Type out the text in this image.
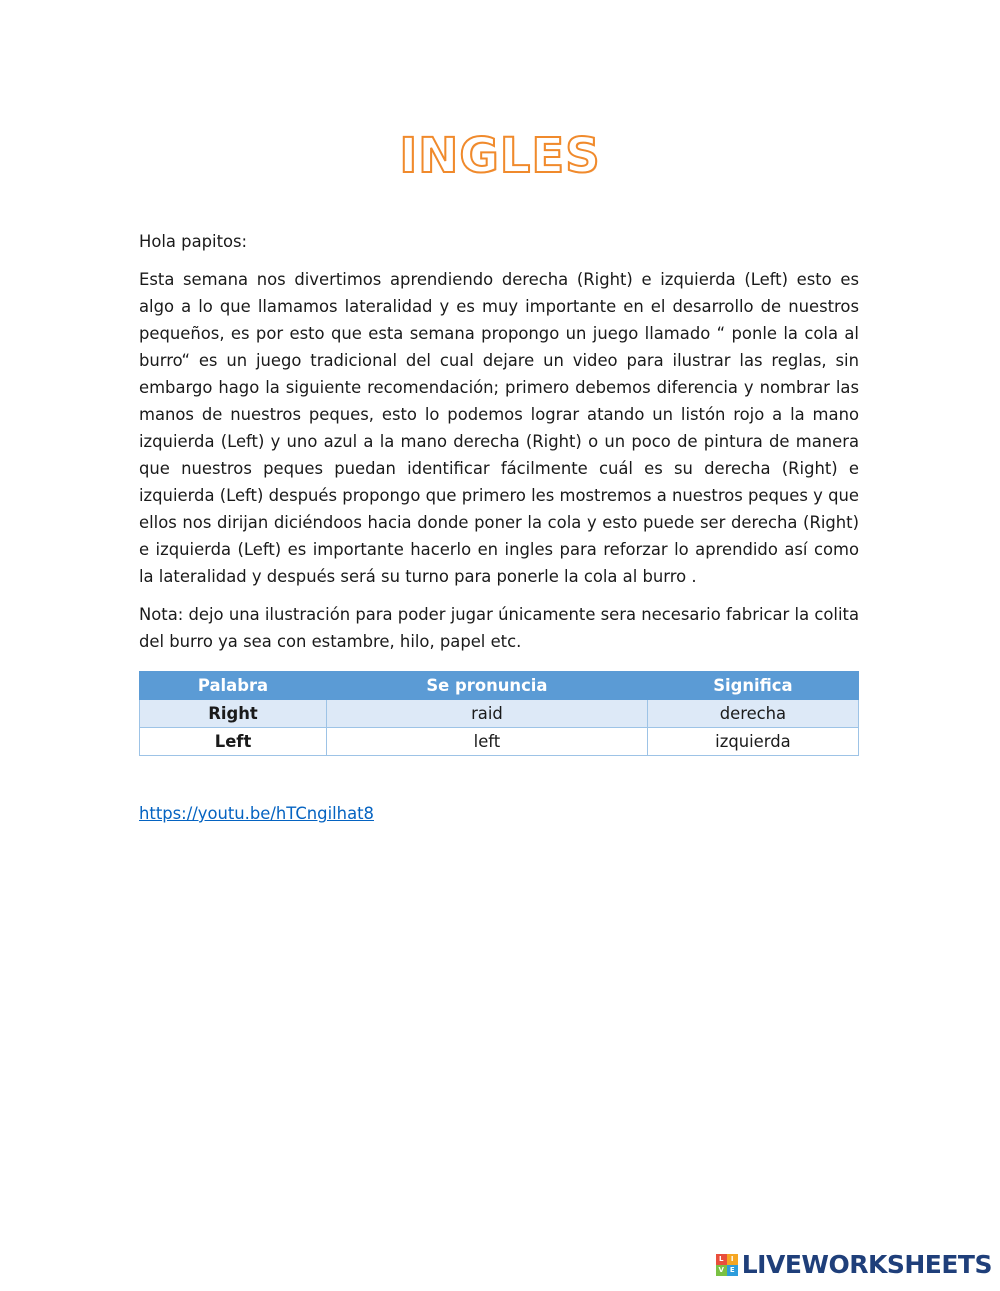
INGLES

Hola papitos:

Esta semana nos divertimos aprendiendo derecha (Right) e izquierda (Left) esto es algo a lo que llamamos lateralidad y es muy importante en el desarrollo de nuestros pequeños, es por esto que esta semana propongo un juego llamado “ ponle la cola al burro“ es un juego tradicional del cual dejare un video para ilustrar las reglas, sin embargo hago la siguiente recomendación; primero debemos diferencia y nombrar las manos de nuestros peques, esto lo podemos lograr atando un listón rojo a la mano izquierda (Left) y uno azul a la mano derecha (Right) o un poco de pintura de manera que nuestros peques puedan identificar fácilmente cuál es su derecha (Right) e izquierda (Left) después propongo que primero les mostremos a nuestros peques y que ellos nos dirijan diciéndoos hacia donde poner la cola y esto puede ser derecha (Right) e izquierda (Left) es importante hacerlo en ingles para reforzar lo aprendido así como la lateralidad y después será su turno para ponerle la cola al burro .

Nota: dejo una ilustración para poder jugar únicamente sera necesario fabricar la colita del burro ya sea con estambre, hilo, papel etc.

Palabra	Se pronuncia	Significa
Right	raid	derecha
Left	left	izquierda
https://youtu.be/hTCngilhat8
L	I
V E LIVEWORKSHEETS
